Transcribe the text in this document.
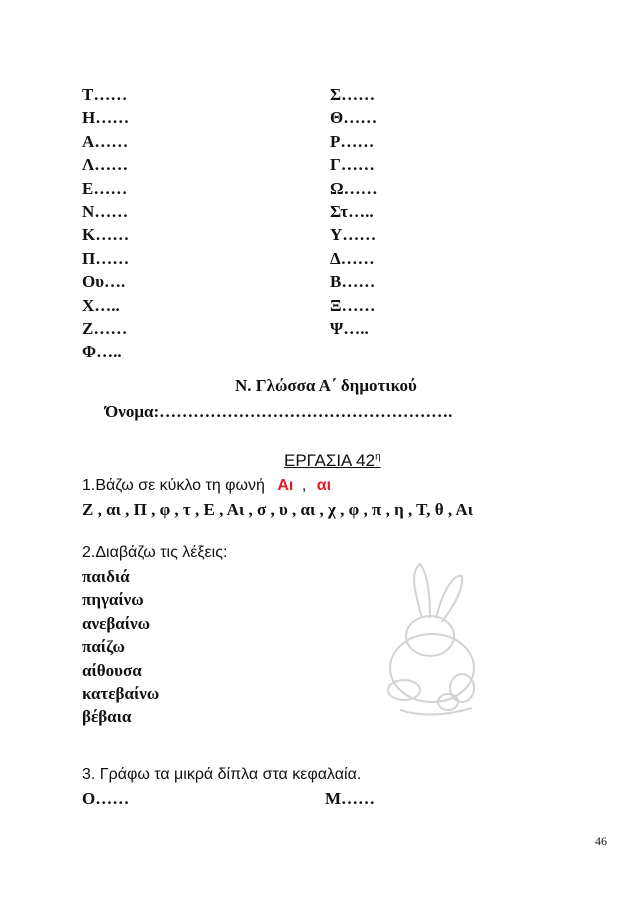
Τ……
Η……
Α……
Λ……
Ε……
Ν……
Κ……
Π……
Ου….
Χ…..
Ζ……
Φ…..
Σ……
Θ……
Ρ……
Γ……
Ω……
Στ…..
Υ……
Δ……
Β……
Ξ……
Ψ…..
Ν. Γλώσσα Α΄ δημοτικού
Όνομα:…………………………………………….
ΕΡΓΑΣΙΑ $42^\eta$
1.Βάζω σε κύκλο τη φωνή Αι , αι
Ζ , αι , Π , φ , τ , Ε , Αι , σ , υ , αι , χ , φ , π , η , Τ, θ , Αι
2.Διαβάζω τις λέξεις:
παιδιά
πηγαίνω
ανεβαίνω
παίζω
αίθουσα
κατεβαίνω
βέβαια
3. Γράφω τα μικρά δίπλα στα κεφαλαία.
Ο……	Μ……
46
